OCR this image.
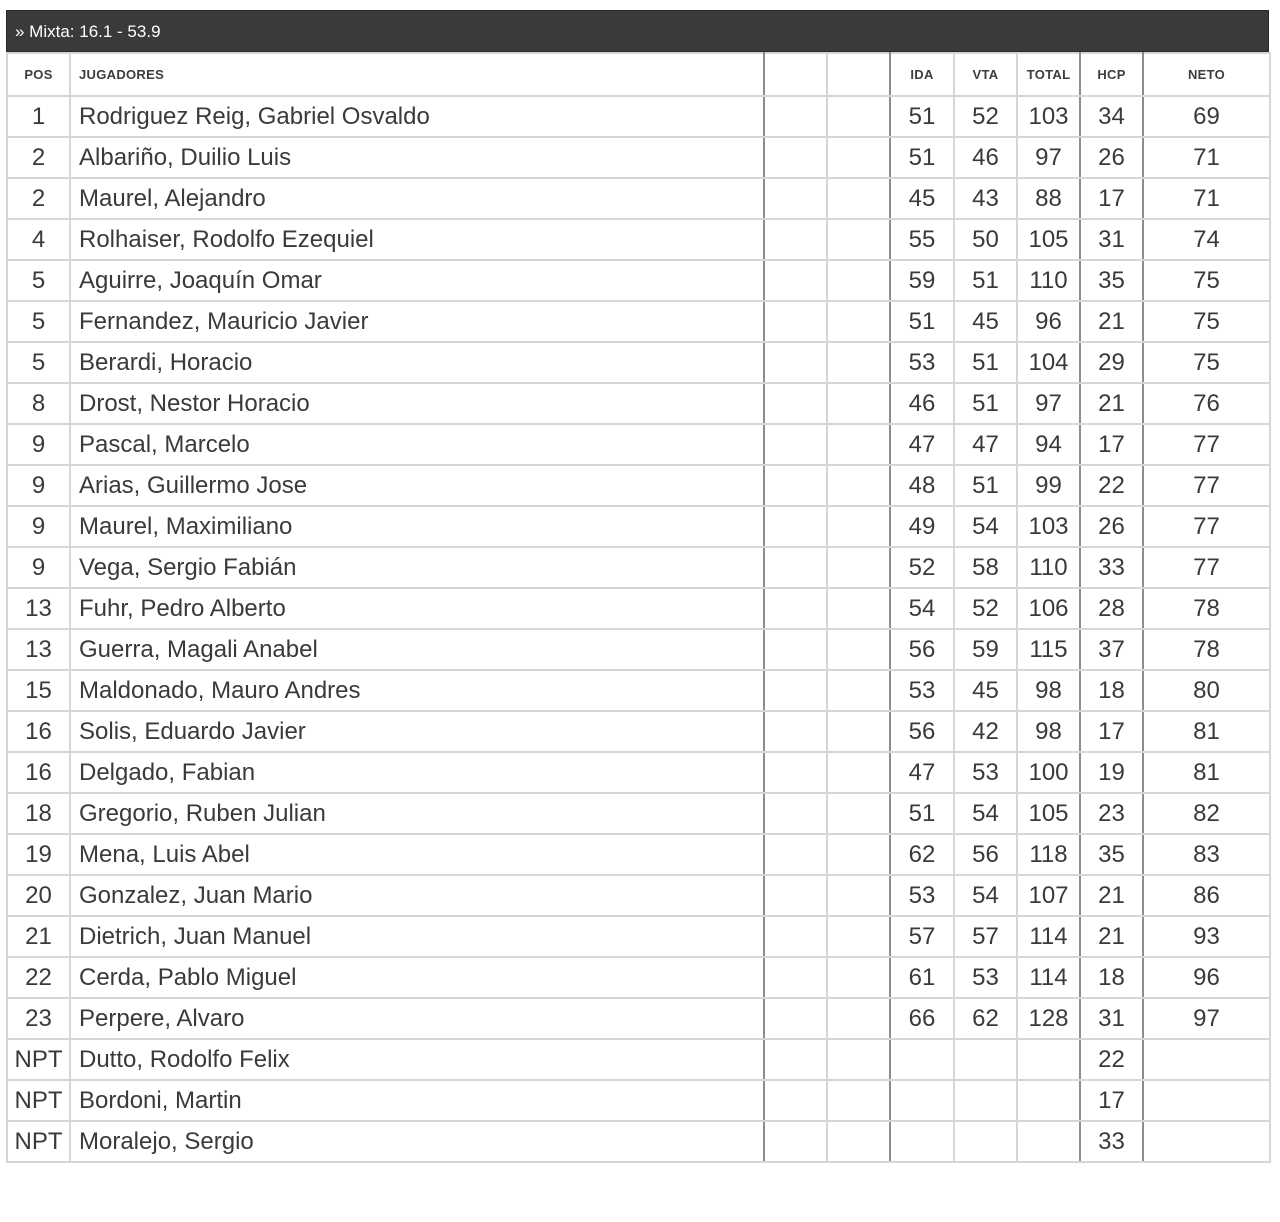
» Mixta: 16.1 - 53.9
POS	JUGADORES			IDA	VTA	TOTAL	HCP	NETO
1	Rodriguez Reig, Gabriel Osvaldo			51	52	103	34	69
2	Albariño, Duilio Luis			51	46	97	26	71
2	Maurel, Alejandro			45	43	88	17	71
4	Rolhaiser, Rodolfo Ezequiel			55	50	105	31	74
5	Aguirre, Joaquín Omar			59	51	110	35	75
5	Fernandez, Mauricio Javier			51	45	96	21	75
5	Berardi, Horacio			53	51	104	29	75
8	Drost, Nestor Horacio			46	51	97	21	76
9	Pascal, Marcelo			47	47	94	17	77
9	Arias, Guillermo Jose			48	51	99	22	77
9	Maurel, Maximiliano			49	54	103	26	77
9	Vega, Sergio Fabián			52	58	110	33	77
13	Fuhr, Pedro Alberto			54	52	106	28	78
13	Guerra, Magali Anabel			56	59	115	37	78
15	Maldonado, Mauro Andres			53	45	98	18	80
16	Solis, Eduardo Javier			56	42	98	17	81
16	Delgado, Fabian			47	53	100	19	81
18	Gregorio, Ruben Julian			51	54	105	23	82
19	Mena, Luis Abel			62	56	118	35	83
20	Gonzalez, Juan Mario			53	54	107	21	86
21	Dietrich, Juan Manuel			57	57	114	21	93
22	Cerda, Pablo Miguel			61	53	114	18	96
23	Perpere, Alvaro			66	62	128	31	97
NPT	Dutto, Rodolfo Felix						22	
NPT	Bordoni, Martin						17	
NPT	Moralejo, Sergio						33	
